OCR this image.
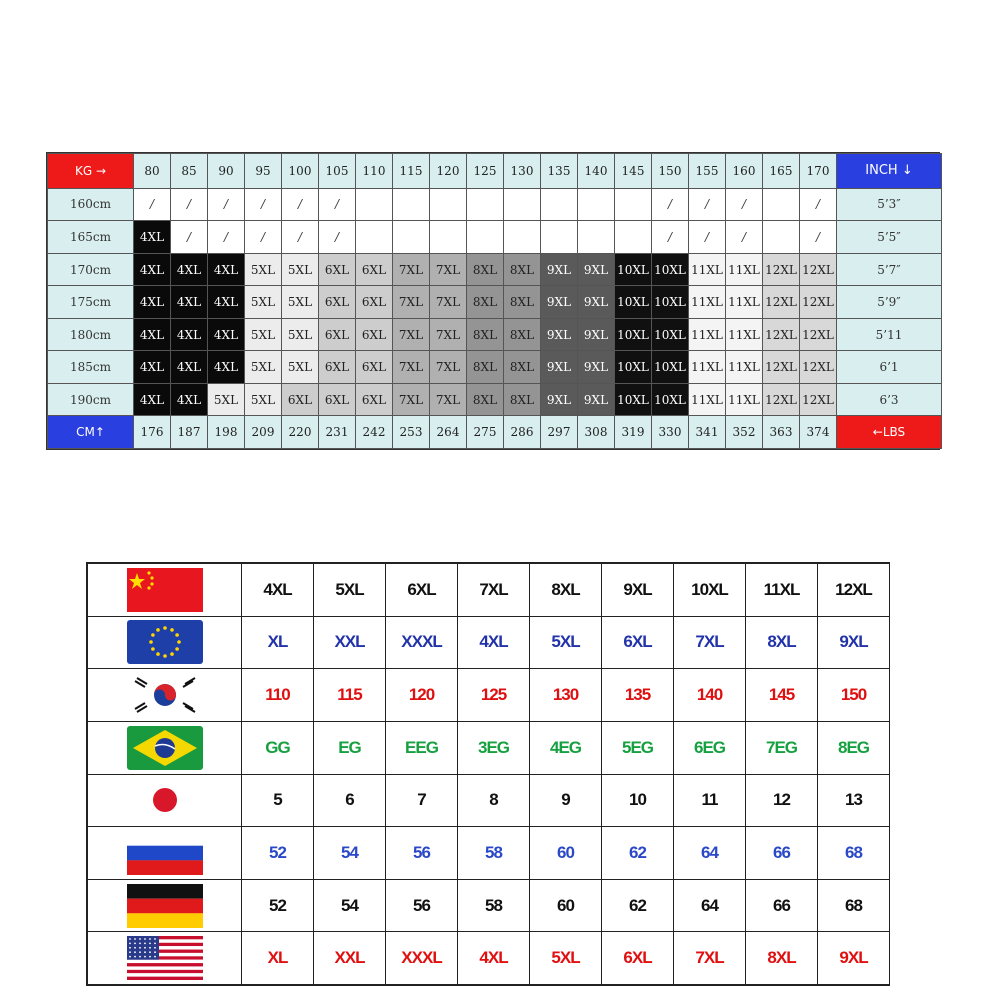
KG →	80	85	90	95	100	105	110	115	120	125	130	135	140	145	150	155	160	165	170	INCH ↓
160cm	/	/	/	/	/	/									/	/	/		/	5’3″
165cm	4XL	/	/	/	/	/									/	/	/		/	5’5″
170cm	4XL	4XL	4XL	5XL	5XL	6XL	6XL	7XL	7XL	8XL	8XL	9XL	9XL	10XL	10XL	11XL	11XL	12XL	12XL	5’7″
175cm	4XL	4XL	4XL	5XL	5XL	6XL	6XL	7XL	7XL	8XL	8XL	9XL	9XL	10XL	10XL	11XL	11XL	12XL	12XL	5’9″
180cm	4XL	4XL	4XL	5XL	5XL	6XL	6XL	7XL	7XL	8XL	8XL	9XL	9XL	10XL	10XL	11XL	11XL	12XL	12XL	5’11
185cm	4XL	4XL	4XL	5XL	5XL	6XL	6XL	7XL	7XL	8XL	8XL	9XL	9XL	10XL	10XL	11XL	11XL	12XL	12XL	6’1
190cm	4XL	4XL	5XL	5XL	6XL	6XL	6XL	7XL	7XL	8XL	8XL	9XL	9XL	10XL	10XL	11XL	11XL	12XL	12XL	6’3
CM↑	176	187	198	209	220	231	242	253	264	275	286	297	308	319	330	341	352	363	374	←LBS
	4XL	5XL	6XL	7XL	8XL	9XL	10XL	11XL	12XL
	XL	XXL	XXXL	4XL	5XL	6XL	7XL	8XL	9XL
	110	115	120	125	130	135	140	145	150
	GG	EG	EEG	3EG	4EG	5EG	6EG	7EG	8EG
	5	6	7	8	9	10	11	12	13
	52	54	56	58	60	62	64	66	68
	52	54	56	58	60	62	64	66	68
	XL	XXL	XXXL	4XL	5XL	6XL	7XL	8XL	9XL
